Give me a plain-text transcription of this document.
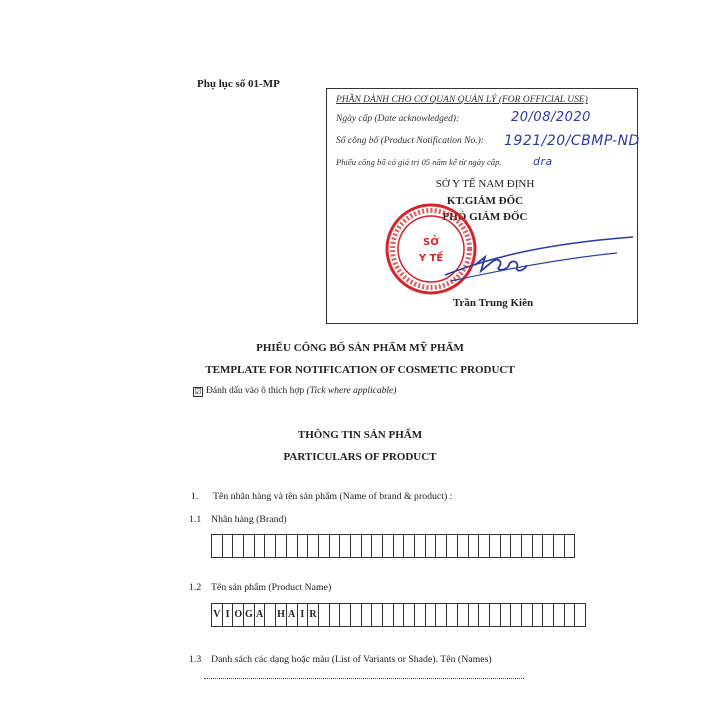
Phụ lục số 01-MP
PHẦN DÀNH CHO CƠ QUAN QUẢN LÝ (FOR OFFICIAL USE)
Ngày cấp (Date acknowledged):	20/08/2020
Số công bố (Product Notification No.): 1921/20/CBMP-ND
Phiếu công bố có giá trị 05 năm kể từ ngày cấp.	dra
SỞ Y TẾ NAM ĐỊNH
KT.GIÁM ĐỐC
PHÓ GIÁM ĐỐC
SỞ
Y TẾ
Trần Trung Kiên
PHIẾU CÔNG BỐ SẢN PHẨM MỸ PHẨM
TEMPLATE FOR NOTIFICATION OF COSMETIC PRODUCT
☑ Đánh dấu vào ô thích hợp (Tick where applicable)
THÔNG TIN SẢN PHẨM
PARTICULARS OF PRODUCT
1. Tên nhãn hàng và tên sản phẩm (Name of brand & product) :
1.1 Nhãn hàng (Brand)
1.2 Tên sản phẩm (Product Name)
V I O G A H A I R
1.3 Danh sách các dạng hoặc màu (List of Variants or Shade). Tên (Names)
